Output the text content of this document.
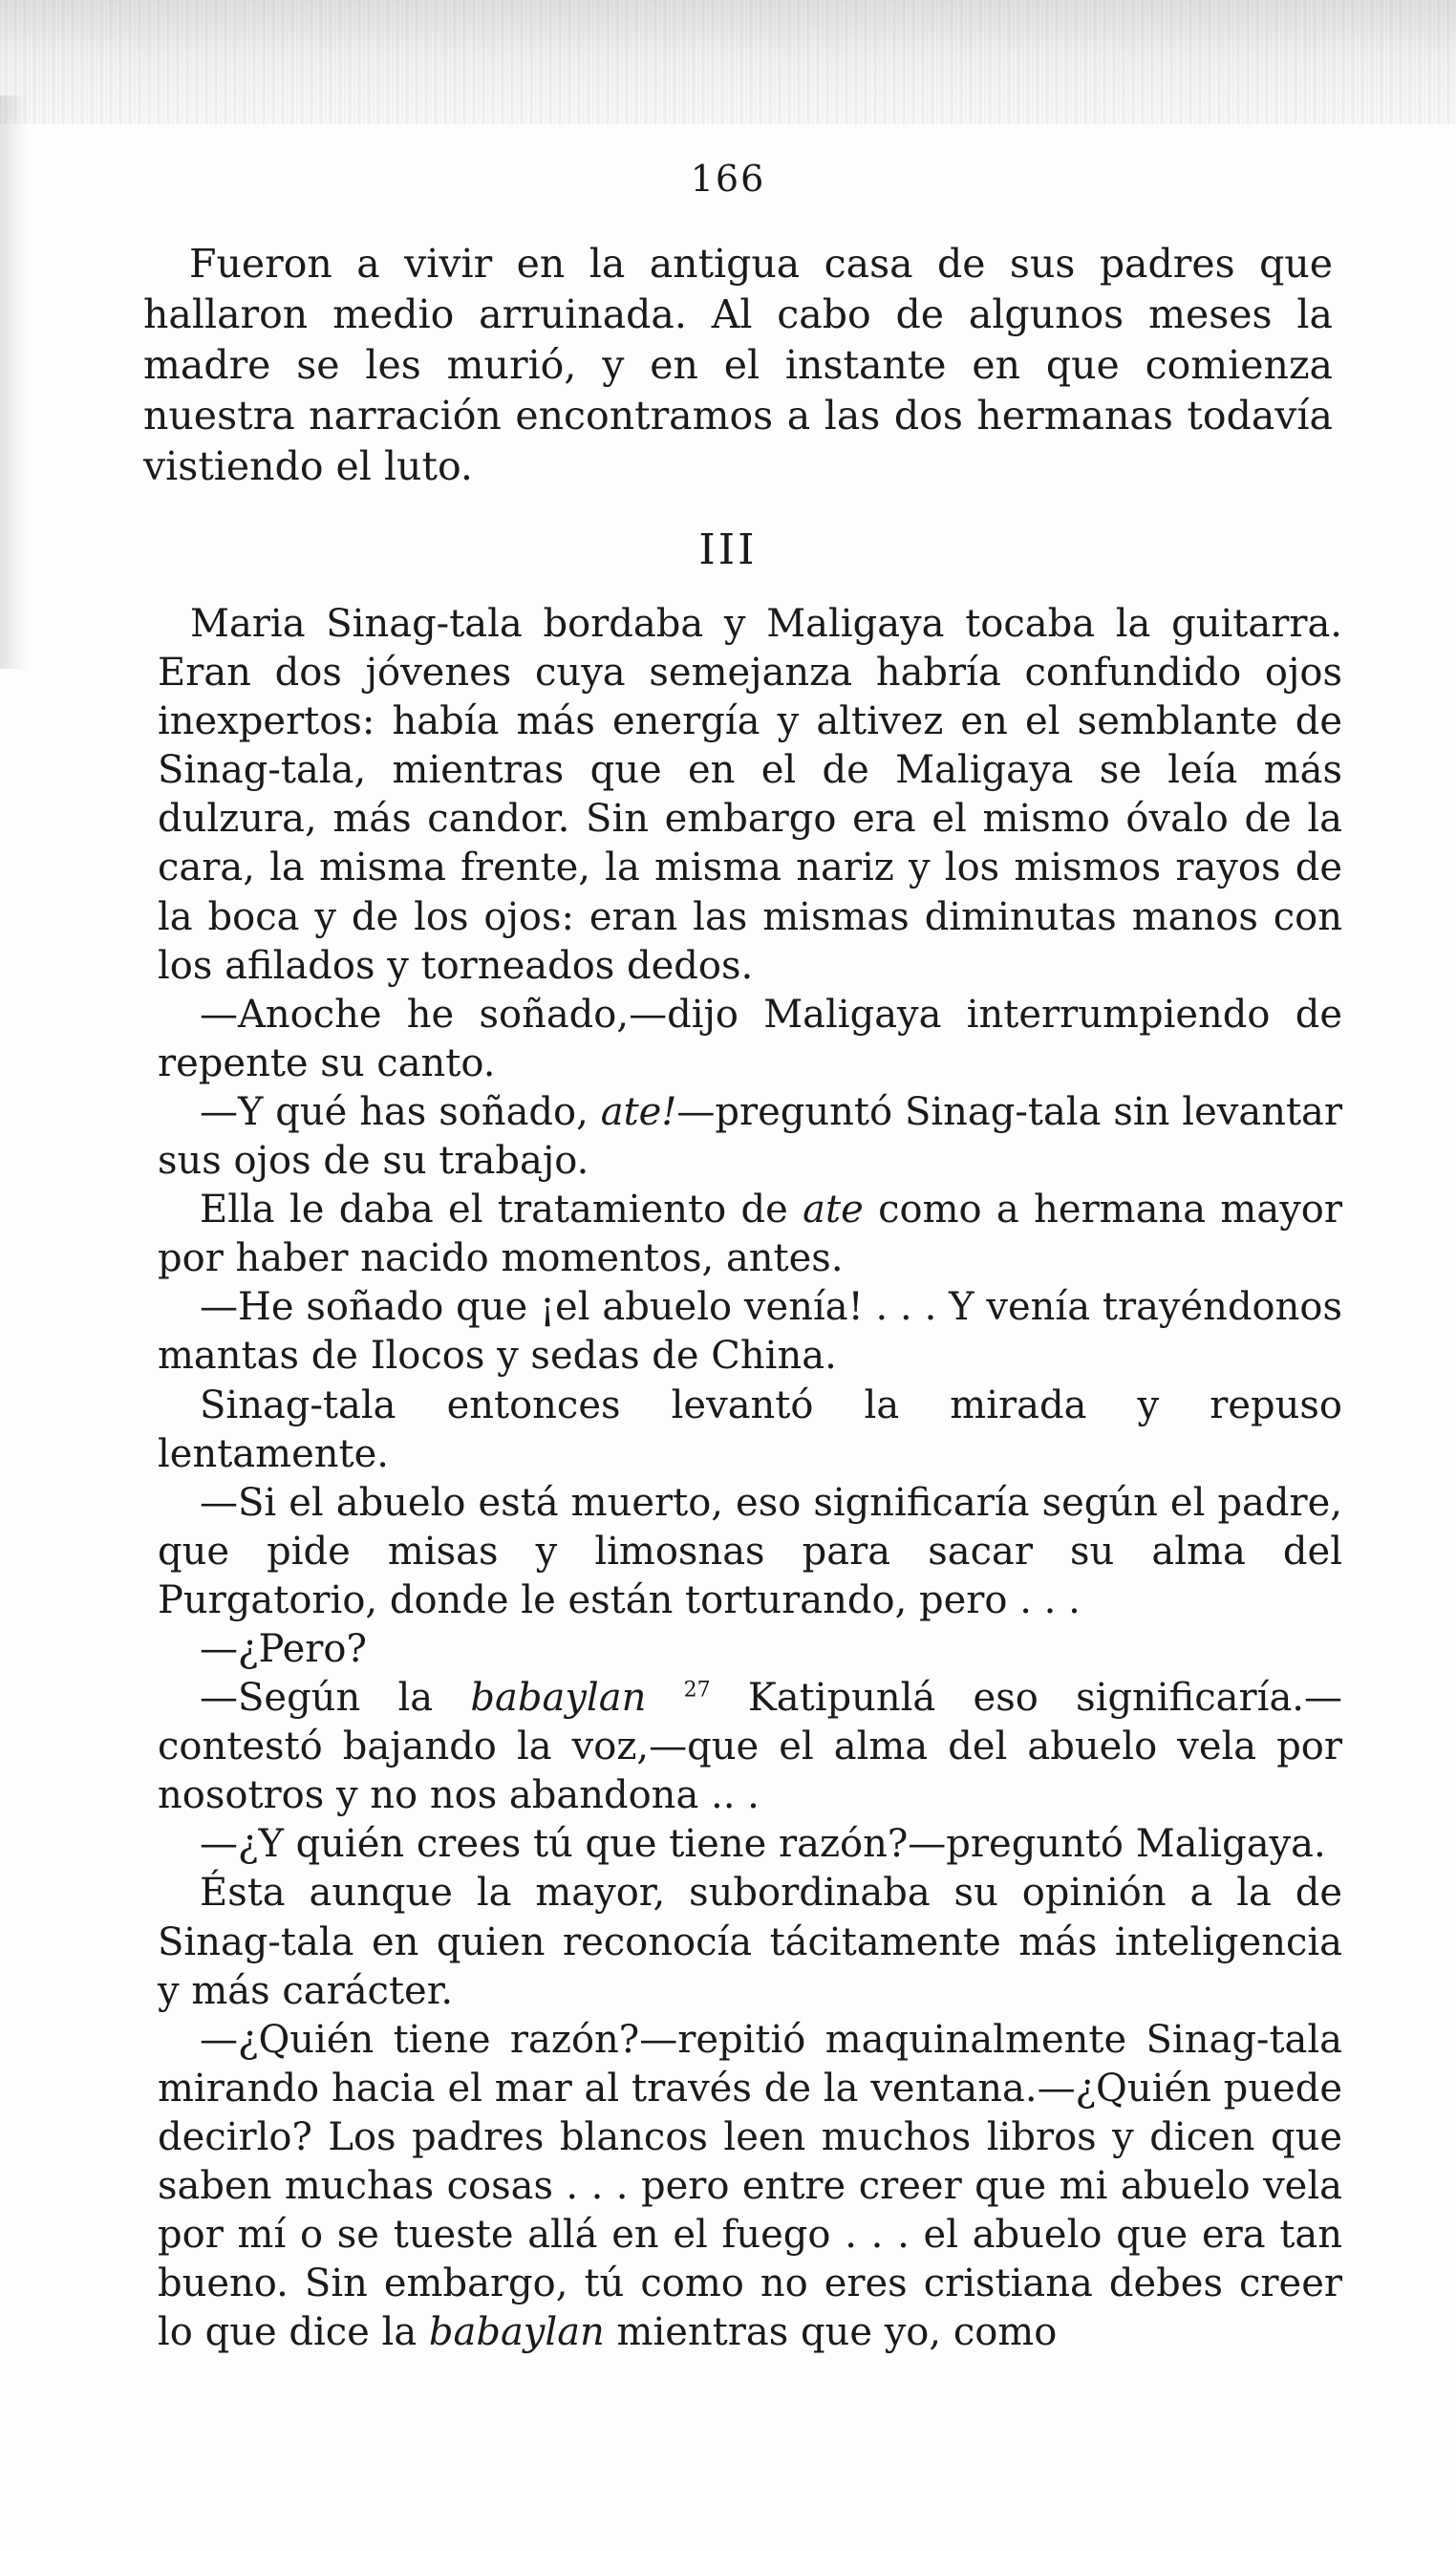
166

Fueron a vivir en la antigua casa de sus padres que hallaron medio arruinada. Al cabo de algunos meses la madre se les murió, y en el instante en que comienza nuestra narración encontramos a las dos hermanas todavía vistiendo el luto.

III

Maria Sinag-tala bordaba y Maligaya tocaba la guitarra. Eran dos jóvenes cuya semejanza habría confundido ojos inexpertos: había más energía y altivez en el semblante de Sinag-tala, mientras que en el de Maligaya se leía más dulzura, más candor. Sin embargo era el mismo óvalo de la cara, la misma frente, la misma nariz y los mismos rayos de la boca y de los ojos: eran las mismas diminutas manos con los afilados y torneados dedos.

—Anoche he soñado,—dijo Maligaya interrumpiendo de repente su canto.

—Y qué has soñado, ate!—preguntó Sinag-tala sin levantar sus ojos de su trabajo.

Ella le daba el tratamiento de ate como a hermana mayor por haber nacido momentos, antes.

—He soñado que ¡el abuelo venía! . . . Y venía trayéndonos mantas de Ilocos y sedas de China.

Sinag-tala entonces levantó la mirada y repuso lentamente.

—Si el abuelo está muerto, eso significaría según el padre, que pide misas y limosnas para sacar su alma del Purgatorio, donde le están torturando, pero . . .

—¿Pero?

—Según la babaylan $^{27}$ Katipunlá eso significaría.—contestó bajando la voz,—que el alma del abuelo vela por nosotros y no nos abandona .. .

—¿Y quién crees tú que tiene razón?—preguntó Maligaya.

Ésta aunque la mayor, subordinaba su opinión a la de Sinag-tala en quien reconocía tácitamente más inteligencia y más carácter.

—¿Quién tiene razón?—repitió maquinalmente Sinag-tala mirando hacia el mar al través de la ventana.—¿Quién puede decirlo? Los padres blancos leen muchos libros y dicen que saben muchas cosas . . . pero entre creer que mi abuelo vela por mí o se tueste allá en el fuego . . . el abuelo que era tan bueno. Sin embargo, tú como no eres cristiana debes creer lo que dice la babaylan mientras que yo, como
